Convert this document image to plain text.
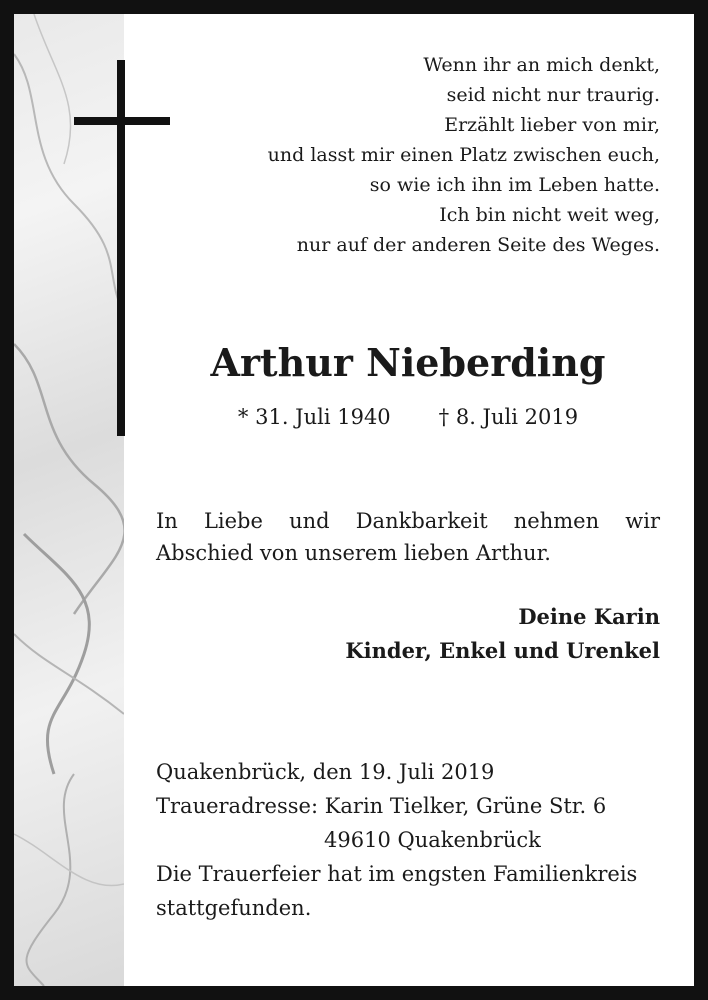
Wenn ihr an mich denkt,
seid nicht nur traurig.
Erzählt lieber von mir,
und lasst mir einen Platz zwischen euch,
so wie ich ihn im Leben hatte.
Ich bin nicht weit weg,
nur auf der anderen Seite des Weges.
Arthur Nieberding
* 31. Juli 1940 † 8. Juli 2019
In Liebe und Dankbarkeit nehmen wir
Abschied von unserem lieben Arthur.
Deine Karin
Kinder, Enkel und Urenkel
Quakenbrück, den 19. Juli 2019
Traueradresse: Karin Tielker, Grüne Str. 6
49610 Quakenbrück
Die Trauerfeier hat im engsten Familienkreis
stattgefunden.
